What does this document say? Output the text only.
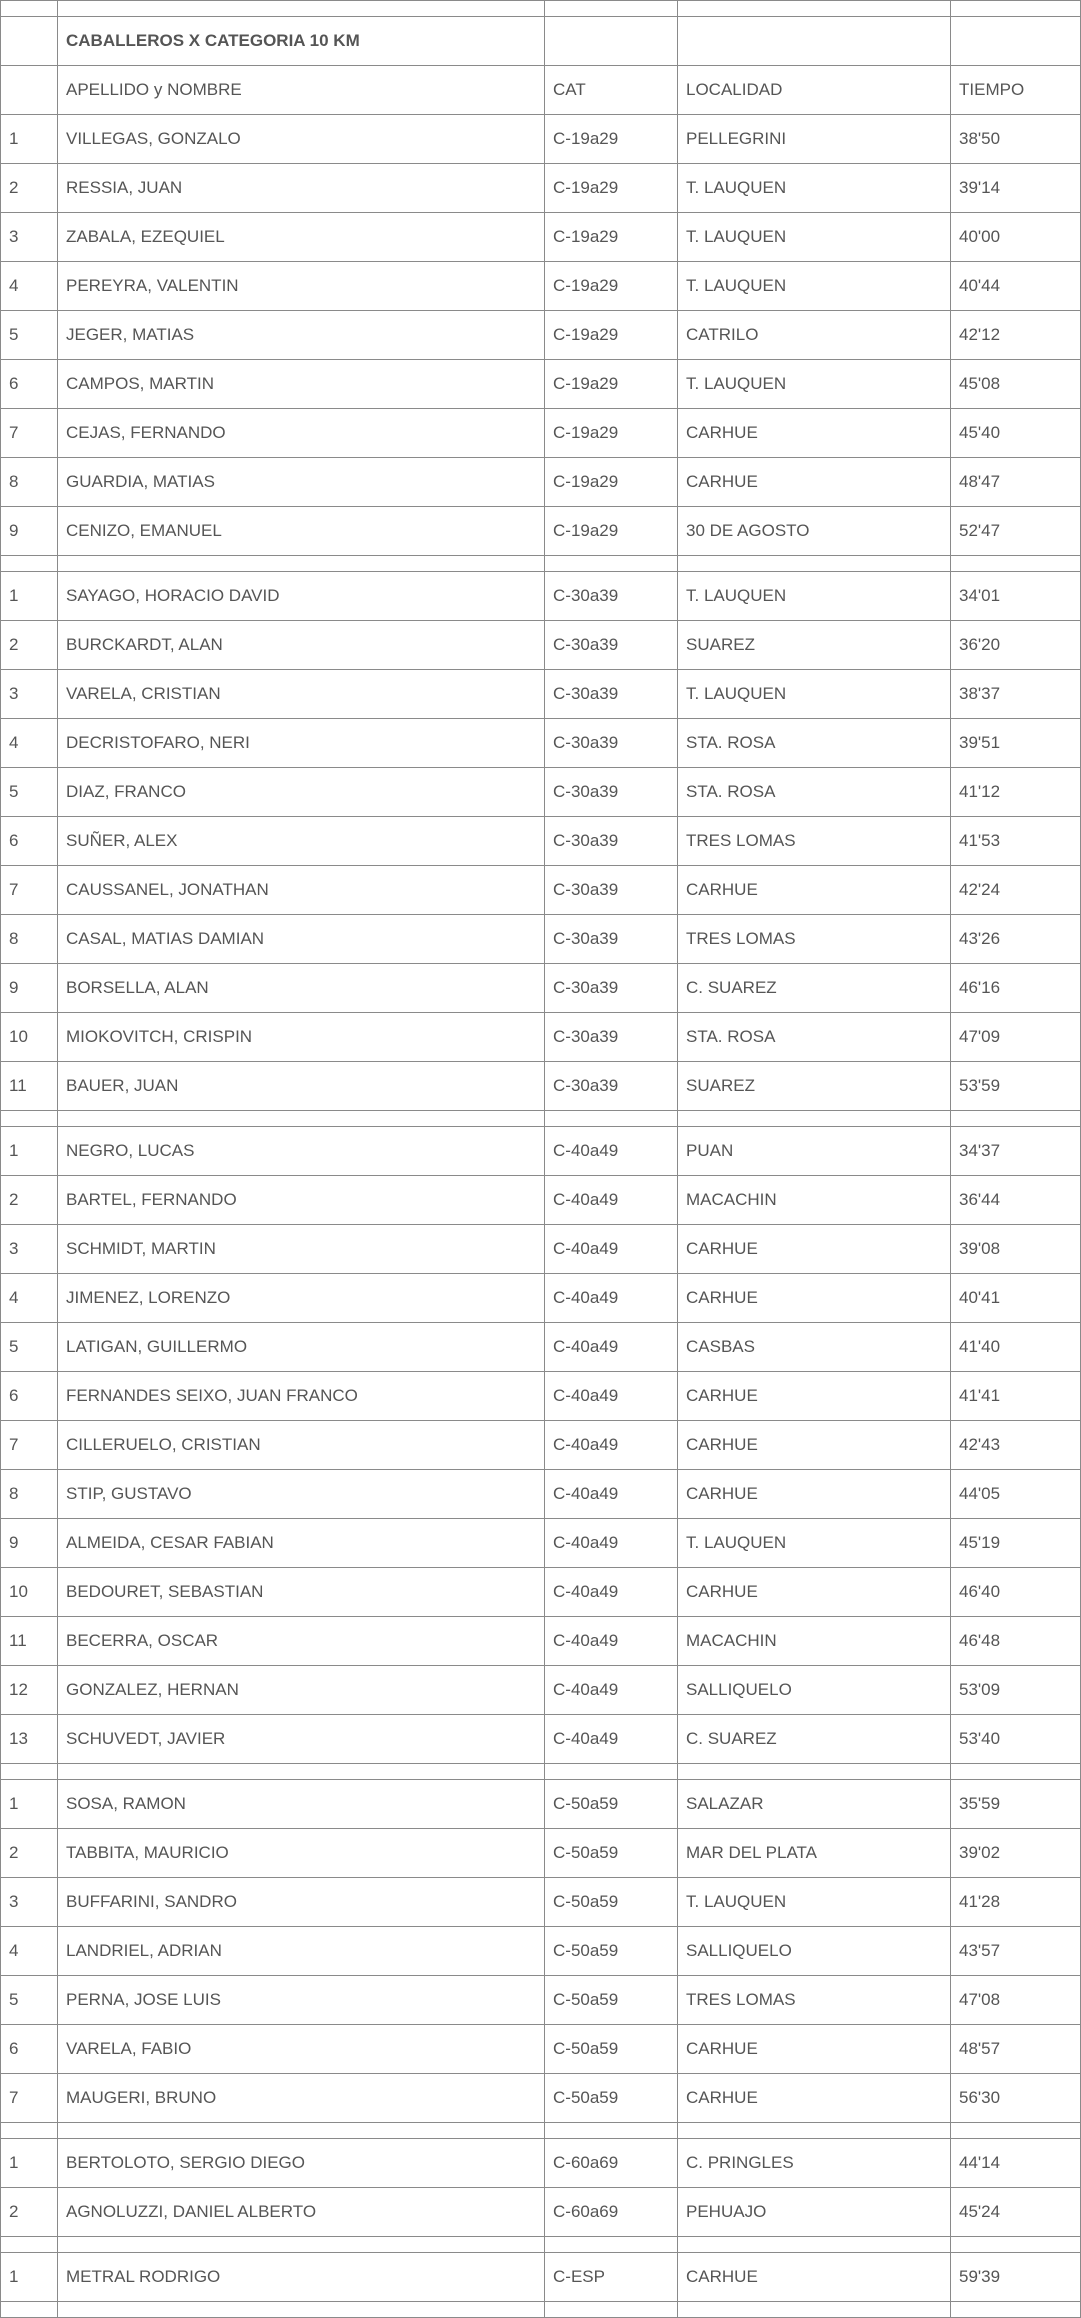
	CABALLEROS X CATEGORIA 10 KM			
	APELLIDO y NOMBRE	CAT	LOCALIDAD	TIEMPO
1	VILLEGAS, GONZALO	C-19a29	PELLEGRINI	38'50
2	RESSIA, JUAN	C-19a29	T. LAUQUEN	39'14
3	ZABALA, EZEQUIEL	C-19a29	T. LAUQUEN	40'00
4	PEREYRA, VALENTIN	C-19a29	T. LAUQUEN	40'44
5	JEGER, MATIAS	C-19a29	CATRILO	42'12
6	CAMPOS, MARTIN	C-19a29	T. LAUQUEN	45'08
7	CEJAS, FERNANDO	C-19a29	CARHUE	45'40
8	GUARDIA, MATIAS	C-19a29	CARHUE	48'47
9	CENIZO, EMANUEL	C-19a29	30 DE AGOSTO	52'47

1	SAYAGO, HORACIO DAVID	C-30a39	T. LAUQUEN	34'01
2	BURCKARDT, ALAN	C-30a39	SUAREZ	36'20
3	VARELA, CRISTIAN	C-30a39	T. LAUQUEN	38'37
4	DECRISTOFARO, NERI	C-30a39	STA. ROSA	39'51
5	DIAZ, FRANCO	C-30a39	STA. ROSA	41'12
6	SUÑER, ALEX	C-30a39	TRES LOMAS	41'53
7	CAUSSANEL, JONATHAN	C-30a39	CARHUE	42'24
8	CASAL, MATIAS DAMIAN	C-30a39	TRES LOMAS	43'26
9	BORSELLA, ALAN	C-30a39	C. SUAREZ	46'16
10	MIOKOVITCH, CRISPIN	C-30a39	STA. ROSA	47'09
11	BAUER, JUAN	C-30a39	SUAREZ	53'59

1	NEGRO, LUCAS	C-40a49	PUAN	34'37
2	BARTEL, FERNANDO	C-40a49	MACACHIN	36'44
3	SCHMIDT, MARTIN	C-40a49	CARHUE	39'08
4	JIMENEZ, LORENZO	C-40a49	CARHUE	40'41
5	LATIGAN, GUILLERMO	C-40a49	CASBAS	41'40
6	FERNANDES SEIXO, JUAN FRANCO	C-40a49	CARHUE	41'41
7	CILLERUELO, CRISTIAN	C-40a49	CARHUE	42'43
8	STIP, GUSTAVO	C-40a49	CARHUE	44'05
9	ALMEIDA, CESAR FABIAN	C-40a49	T. LAUQUEN	45'19
10	BEDOURET, SEBASTIAN	C-40a49	CARHUE	46'40
11	BECERRA, OSCAR	C-40a49	MACACHIN	46'48
12	GONZALEZ, HERNAN	C-40a49	SALLIQUELO	53'09
13	SCHUVEDT, JAVIER	C-40a49	C. SUAREZ	53'40

1	SOSA, RAMON	C-50a59	SALAZAR	35'59
2	TABBITA, MAURICIO	C-50a59	MAR DEL PLATA	39'02
3	BUFFARINI, SANDRO	C-50a59	T. LAUQUEN	41'28
4	LANDRIEL, ADRIAN	C-50a59	SALLIQUELO	43'57
5	PERNA, JOSE LUIS	C-50a59	TRES LOMAS	47'08
6	VARELA, FABIO	C-50a59	CARHUE	48'57
7	MAUGERI, BRUNO	C-50a59	CARHUE	56'30

1	BERTOLOTO, SERGIO DIEGO	C-60a69	C. PRINGLES	44'14
2	AGNOLUZZI, DANIEL ALBERTO	C-60a69	PEHUAJO	45'24

1	METRAL RODRIGO	C-ESP	CARHUE	59'39
